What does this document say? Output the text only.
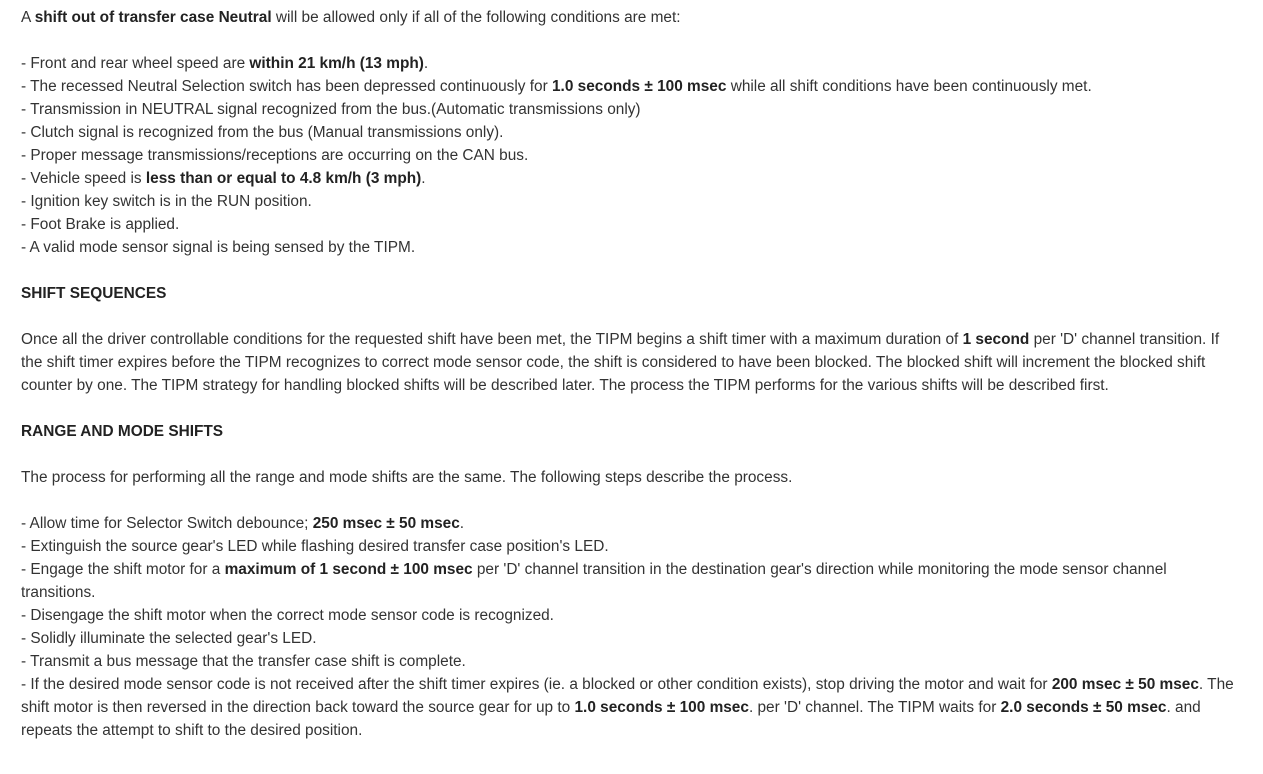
A shift out of transfer case Neutral will be allowed only if all of the following conditions are met:

- Front and rear wheel speed are within 21 km/h (13 mph).

- The recessed Neutral Selection switch has been depressed continuously for 1.0 seconds ± 100 msec while all shift conditions have been continuously met.

- Transmission in NEUTRAL signal recognized from the bus.(Automatic transmissions only)

- Clutch signal is recognized from the bus (Manual transmissions only).

- Proper message transmissions/receptions are occurring on the CAN bus.

- Vehicle speed is less than or equal to 4.8 km/h (3 mph).

- Ignition key switch is in the RUN position.

- Foot Brake is applied.

- A valid mode sensor signal is being sensed by the TIPM.

SHIFT SEQUENCES

Once all the driver controllable conditions for the requested shift have been met, the TIPM begins a shift timer with a maximum duration of 1 second per 'D' channel transition. If the shift timer expires before the TIPM recognizes to correct mode sensor code, the shift is considered to have been blocked. The blocked shift will increment the blocked shift counter by one. The TIPM strategy for handling blocked shifts will be described later. The process the TIPM performs for the various shifts will be described first.

RANGE AND MODE SHIFTS

The process for performing all the range and mode shifts are the same. The following steps describe the process.

- Allow time for Selector Switch debounce; 250 msec ± 50 msec.

- Extinguish the source gear's LED while flashing desired transfer case position's LED.

- Engage the shift motor for a maximum of 1 second ± 100 msec per 'D' channel transition in the destination gear's direction while monitoring the mode sensor channel transitions.

- Disengage the shift motor when the correct mode sensor code is recognized.

- Solidly illuminate the selected gear's LED.

- Transmit a bus message that the transfer case shift is complete.

- If the desired mode sensor code is not received after the shift timer expires (ie. a blocked or other condition exists), stop driving the motor and wait for 200 msec ± 50 msec. The shift motor is then reversed in the direction back toward the source gear for up to 1.0 seconds ± 100 msec. per 'D' channel. The TIPM waits for 2.0 seconds ± 50 msec. and repeats the attempt to shift to the desired position.
